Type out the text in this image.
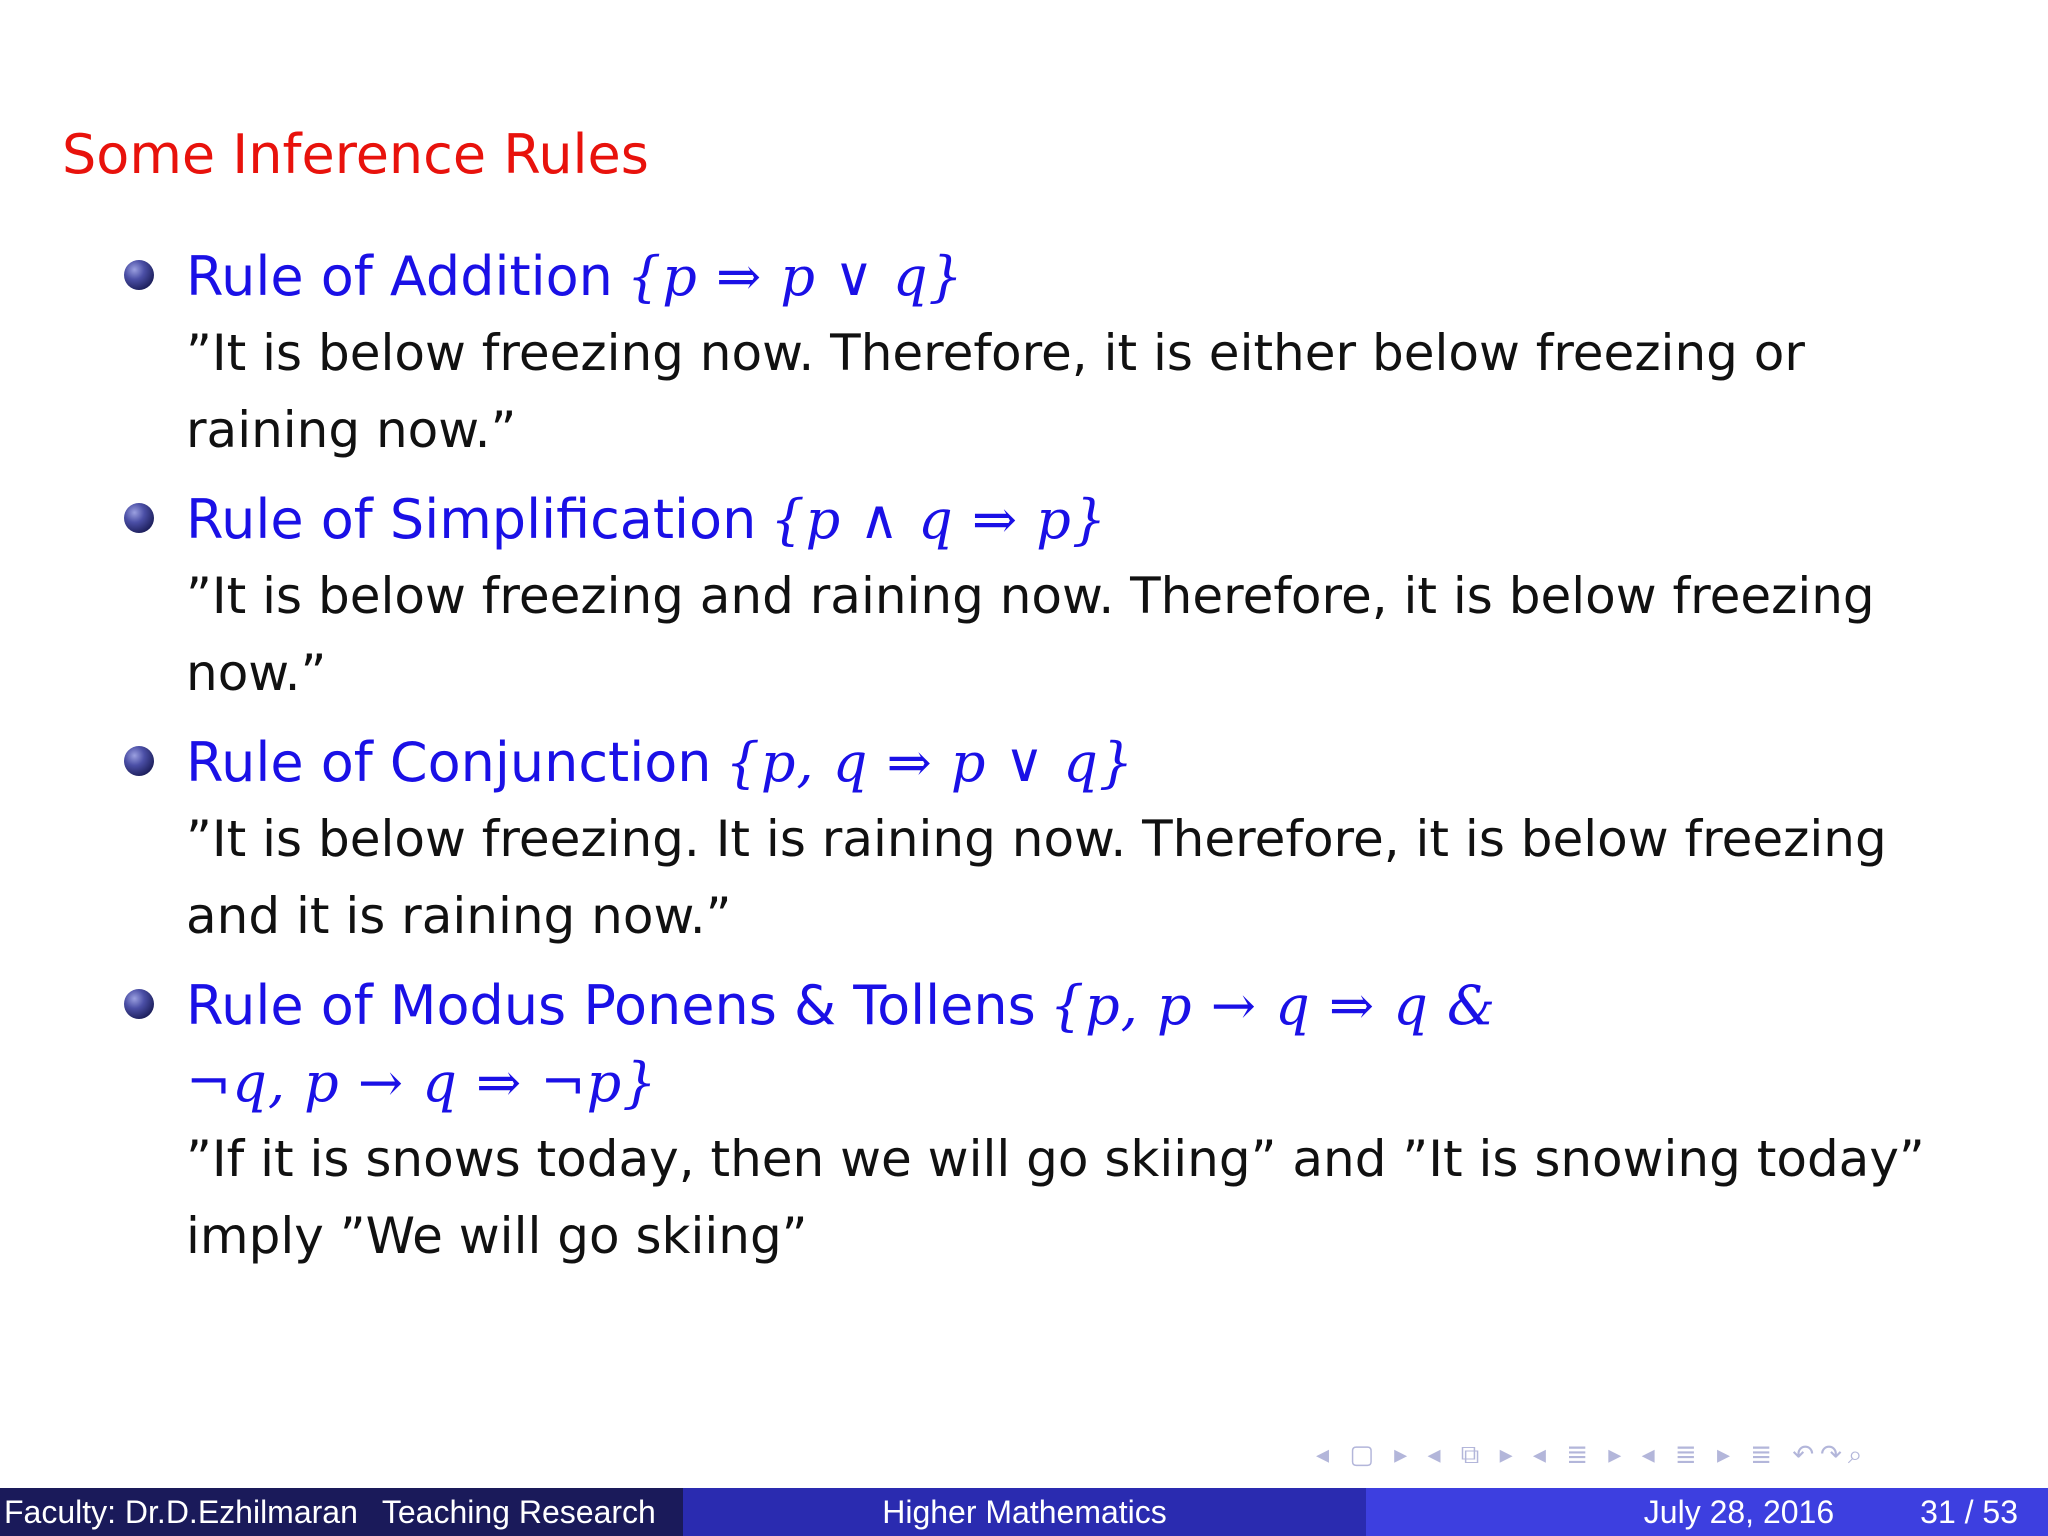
Some Inference Rules
Rule of Addition {p ⇒ p ∨ q}
”It is below freezing now. Therefore, it is either below freezing or raining now.”
Rule of Simplification {p ∧ q ⇒ p}
”It is below freezing and raining now. Therefore, it is below freezing now.”
Rule of Conjunction {p, q ⇒ p ∨ q}
”It is below freezing. It is raining now. Therefore, it is below freezing and it is raining now.”
Rule of Modus Ponens & Tollens {p, p → q ⇒ q &
¬q, p → q ⇒ ¬p}
”If it is snows today, then we will go skiing” and ”It is snowing today” imply ”We will go skiing”
◂ ▢ ▸ ◂ ⧉ ▸ ◂ ≣ ▸ ◂ ≣ ▸ ≣ ↶↷⌕
Faculty: Dr.D.Ezhilmaran Teaching Research	Higher Mathematics	July 28, 2016	31 / 53
